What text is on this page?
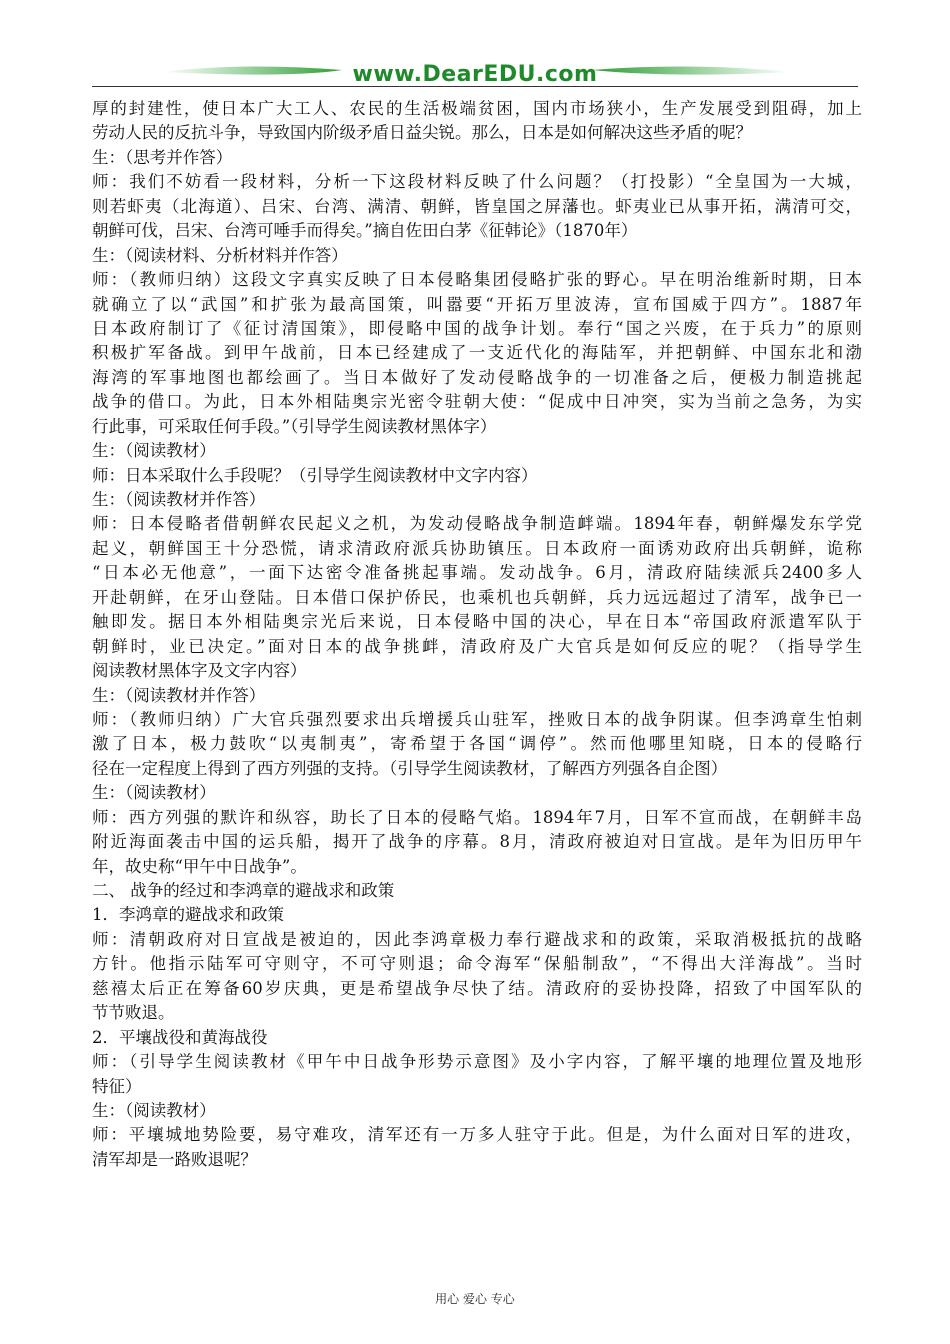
www.DearEDU.com
厚的封建性，使日本广大工人、农民的生活极端贫困，国内市场狭小，生产发展受到阻碍，加上
劳动人民的反抗斗争，导致国内阶级矛盾日益尖锐。那么，日本是如何解决这些矛盾的呢？
生：（思考并作答）
师：我们不妨看一段材料，分析一下这段材料反映了什么问题？（打投影）“全皇国为一大城，
则若虾夷（北海道）、吕宋、台湾、满清、朝鲜，皆皇国之屏藩也。虾夷业已从事开拓，满清可交，
朝鲜可伐，吕宋、台湾可唾手而得矣。”摘自佐田白茅《征韩论》（1870年）
生：（阅读材料、分析材料并作答）
师：（教师归纳）这段文字真实反映了日本侵略集团侵略扩张的野心。早在明治维新时期，日本
就确立了以“武国”和扩张为最高国策，叫嚣要“开拓万里波涛，宣布国威于四方”。1887年
日本政府制订了《征讨清国策》，即侵略中国的战争计划。奉行“国之兴废，在于兵力”的原则
积极扩军备战。到甲午战前，日本已经建成了一支近代化的海陆军，并把朝鲜、中国东北和渤
海湾的军事地图也都绘画了。当日本做好了发动侵略战争的一切准备之后，便极力制造挑起
战争的借口。为此，日本外相陆奥宗光密令驻朝大使：“促成中日冲突，实为当前之急务，为实
行此事，可采取任何手段。”（引导学生阅读教材黑体字）
生：（阅读教材）
师：日本采取什么手段呢？（引导学生阅读教材中文字内容）
生：（阅读教材并作答）
师：日本侵略者借朝鲜农民起义之机，为发动侵略战争制造衅端。1894年春，朝鲜爆发东学党
起义，朝鲜国王十分恐慌，请求清政府派兵协助镇压。日本政府一面诱劝政府出兵朝鲜，诡称
“日本必无他意”，一面下达密令准备挑起事端。发动战争。6月，清政府陆续派兵2400多人
开赴朝鲜，在牙山登陆。日本借口保护侨民，也乘机也兵朝鲜，兵力远远超过了清军，战争已一
触即发。据日本外相陆奥宗光后来说，日本侵略中国的决心，早在日本“帝国政府派遣军队于
朝鲜时，业已决定。”面对日本的战争挑衅，清政府及广大官兵是如何反应的呢？（指导学生
阅读教材黑体字及文字内容）
生：（阅读教材并作答）
师：（教师归纳）广大官兵强烈要求出兵增援兵山驻军，挫败日本的战争阴谋。但李鸿章生怕刺
激了日本，极力鼓吹“以夷制夷”，寄希望于各国“调停”。然而他哪里知晓，日本的侵略行
径在一定程度上得到了西方列强的支持。（引导学生阅读教材，了解西方列强各自企图）
生：（阅读教材）
师：西方列强的默许和纵容，助长了日本的侵略气焰。1894年7月，日军不宣而战，在朝鲜丰岛
附近海面袭击中国的运兵船，揭开了战争的序幕。8月，清政府被迫对日宣战。是年为旧历甲午
年，故史称“甲午中日战争”。
二、 战争的经过和李鸿章的避战求和政策
1．李鸿章的避战求和政策
师：清朝政府对日宣战是被迫的，因此李鸿章极力奉行避战求和的政策，采取消极抵抗的战略
方针。他指示陆军可守则守，不可守则退；命令海军“保船制敌”，“不得出大洋海战”。当时
慈禧太后正在筹备60岁庆典，更是希望战争尽快了结。清政府的妥协投降，招致了中国军队的
节节败退。
2．平壤战役和黄海战役
师：（引导学生阅读教材《甲午中日战争形势示意图》及小字内容，了解平壤的地理位置及地形
特征）
生：（阅读教材）
师：平壤城地势险要，易守难攻，清军还有一万多人驻守于此。但是，为什么面对日军的进攻，
清军却是一路败退呢？
用心 爱心 专心
